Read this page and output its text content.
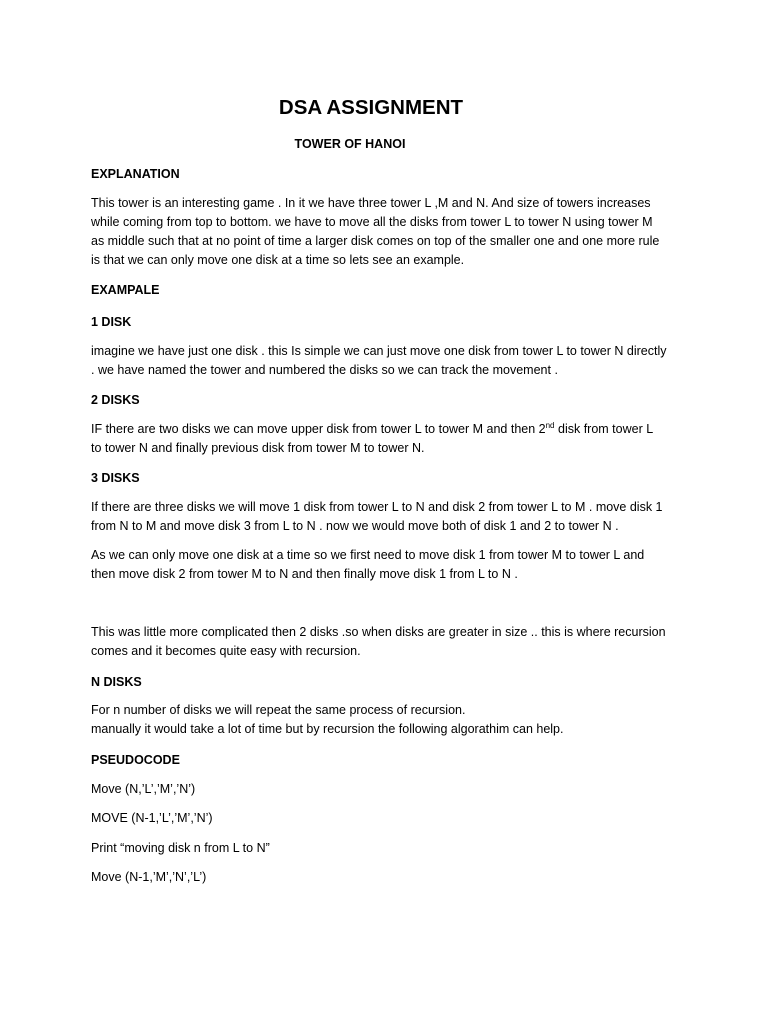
DSA ASSIGNMENT

TOWER OF HANOI

EXPLANATION

This tower is an interesting game . In it we have three tower L ,M and N. And size of towers increases

while coming from top to bottom. we have to move all the disks from tower L to tower N using tower M

as middle such that at no point of time a larger disk comes on top of the smaller one and one more rule

is that we can only move one disk at a time so lets see an example.

EXAMPALE

1 DISK

imagine we have just one disk . this Is simple we can just move one disk from tower L to tower N directly

. we have named the tower and numbered the disks so we can track the movement .

2 DISKS

IF there are two disks we can move upper disk from tower L to tower M and then 2nd disk from tower L

to tower N and finally previous disk from tower M to tower N.

3 DISKS

If there are three disks we will move 1 disk from tower L to N and disk 2 from tower L to M . move disk 1

from N to M and move disk 3 from L to N . now we would move both of disk 1 and 2 to tower N .

As we can only move one disk at a time so we first need to move disk 1 from tower M to tower L and

then move disk 2 from tower M to N and then finally move disk 1 from L to N .

This was little more complicated then 2 disks .so when disks are greater in size .. this is where recursion

comes and it becomes quite easy with recursion.

N DISKS

For n number of disks we will repeat the same process of recursion.

manually it would take a lot of time but by recursion the following algorathim can help.

PSEUDOCODE

Move (N,’L’,’M’,’N’)

MOVE (N-1,’L’,’M’,’N’)

Print “moving disk n from L to N”

Move (N-1,’M’,’N’,’L’)
